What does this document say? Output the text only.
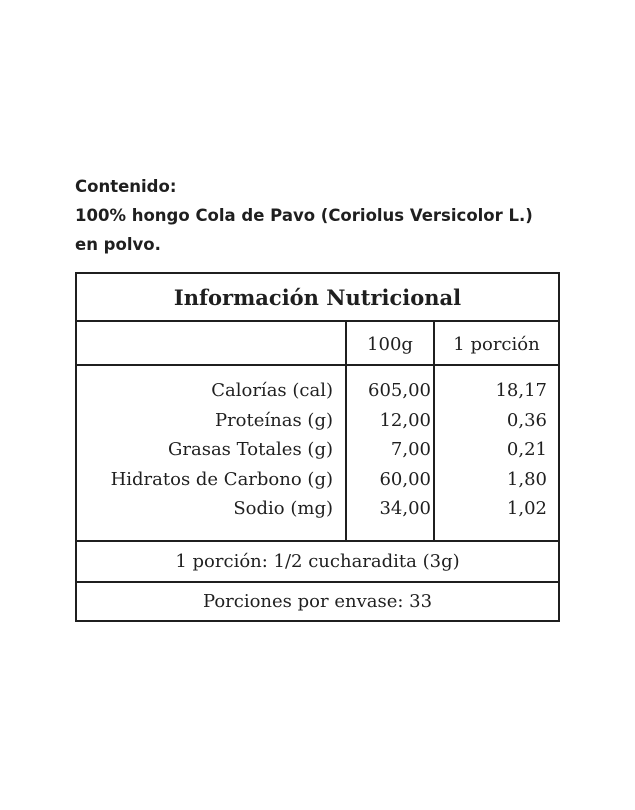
Contenido:
100% hongo Cola de Pavo (Coriolus Versicolor L.)
en polvo.
Información Nutricional
100g	1 porción
Calorías (cal)
Proteínas (g)
Grasas Totales (g)
Hidratos de Carbono (g)
Sodio (mg)
605,00
12,00
7,00
60,00
34,00
18,17
0,36
0,21
1,80
1,02
1 porción: 1/2 cucharadita (3g)
Porciones por envase: 33
